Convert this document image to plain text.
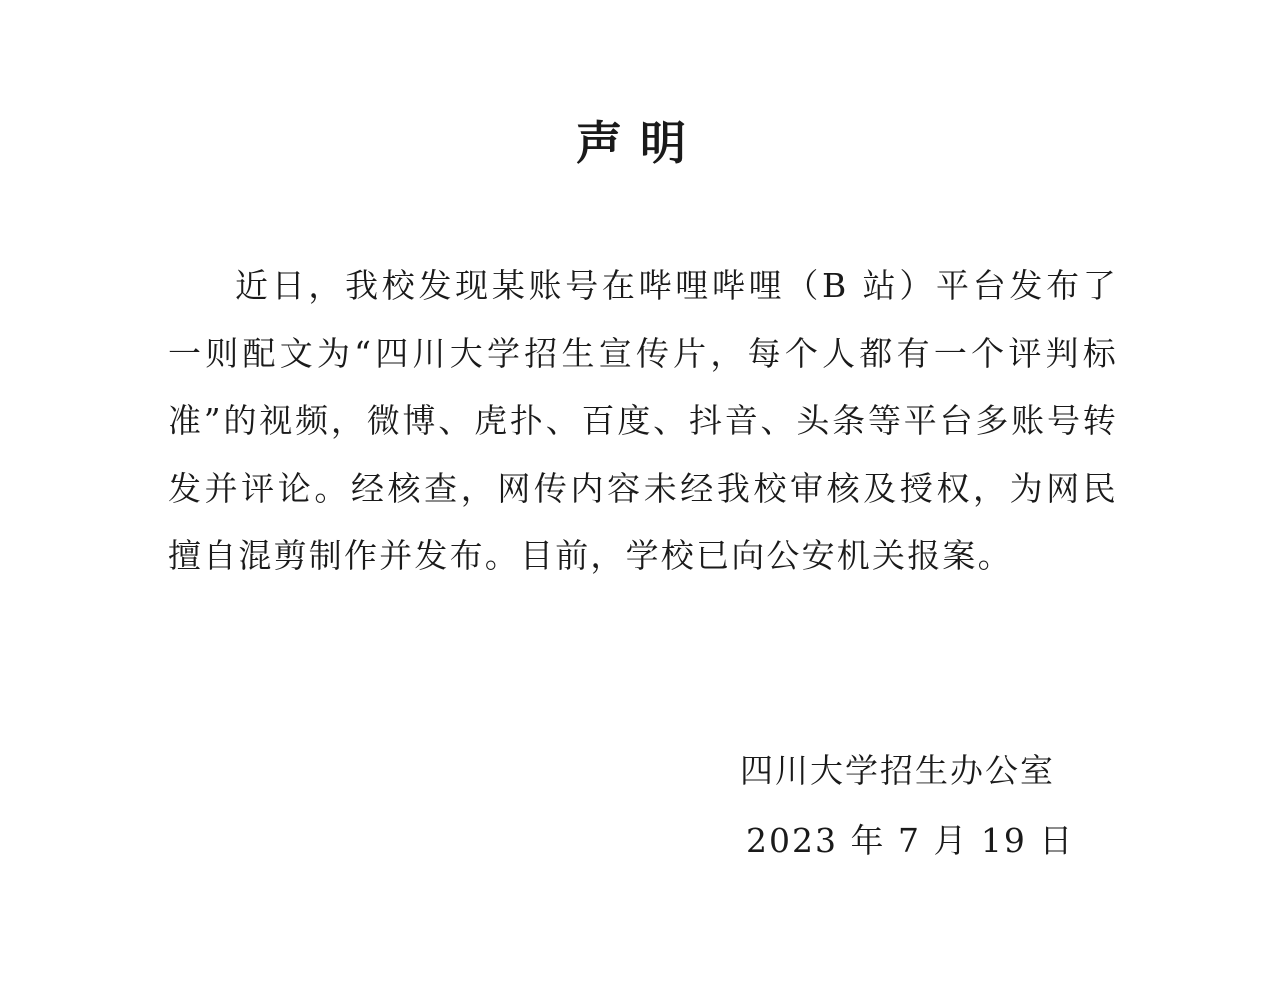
声明

近日，我校发现某账号在哔哩哔哩（B 站）平台发布了一则配文为“四川大学招生宣传片，每个人都有一个评判标准”的视频，微博、虎扑、百度、抖音、头条等平台多账号转发并评论。经核查，网传内容未经我校审核及授权，为网民擅自混剪制作并发布。目前，学校已向公安机关报案。

四川大学招生办公室
2023 年 7 月 19 日
